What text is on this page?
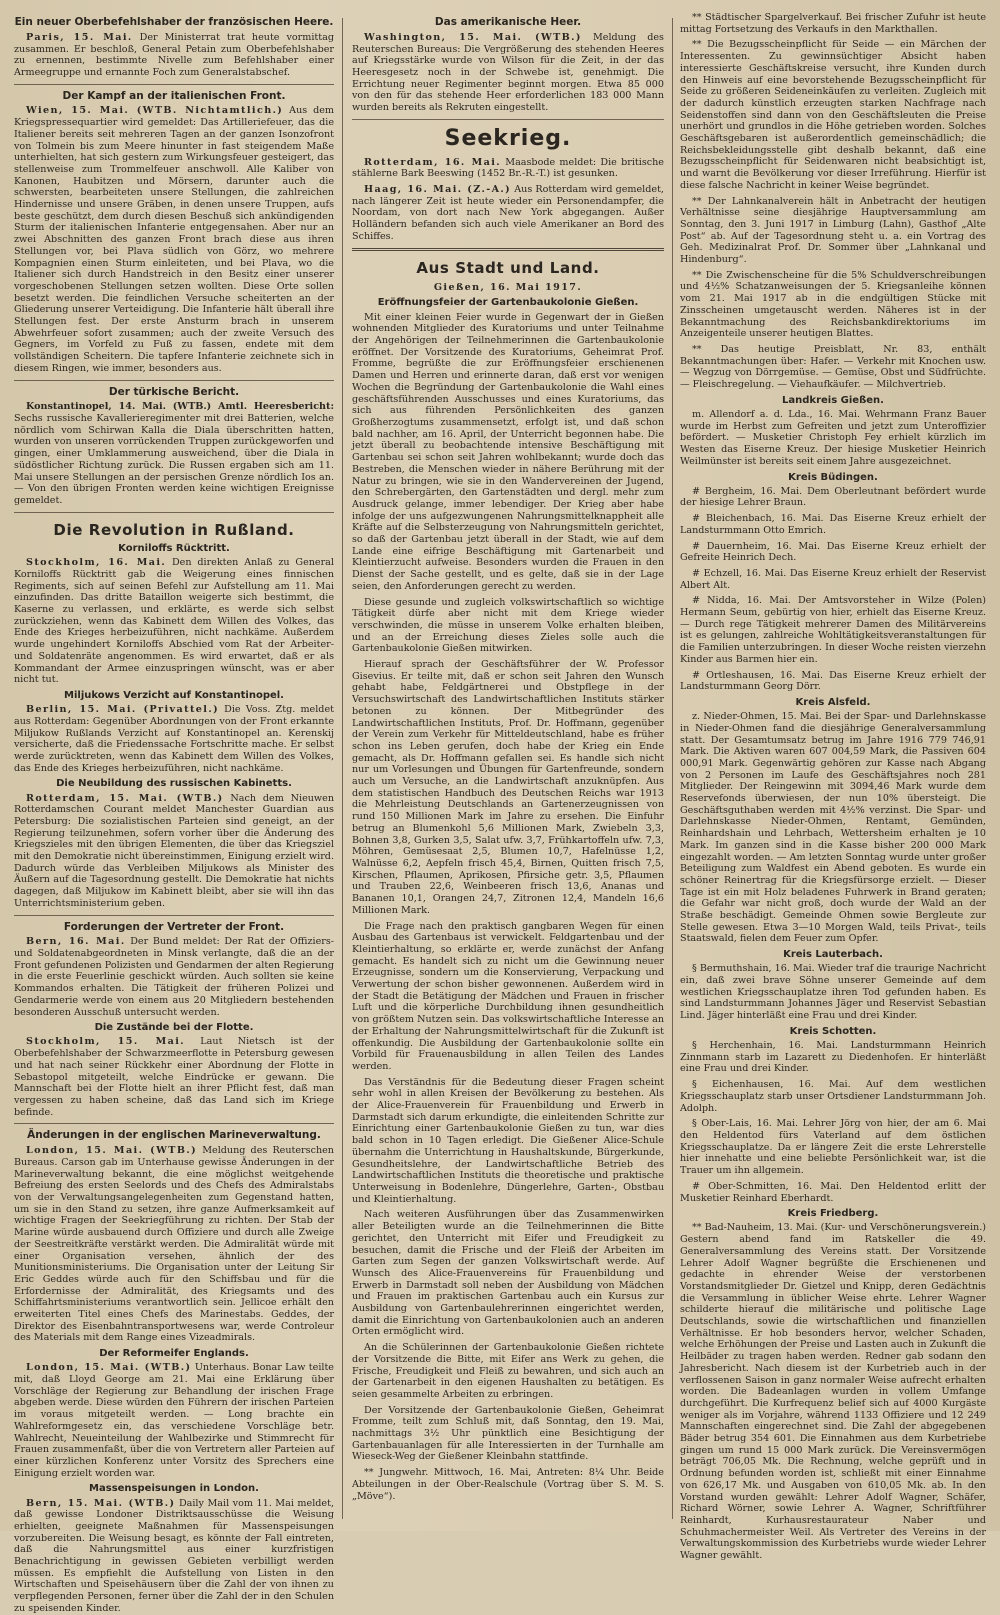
Ein neuer Oberbefehlshaber der französischen Heere.

Paris, 15. Mai. Der Ministerrat trat heute vormittag zusammen. Er beschloß, General Petain zum Oberbefehlshaber zu ernennen, bestimmte Nivelle zum Befehlshaber einer Armeegruppe und ernannte Foch zum Generalstabschef.

Der Kampf an der italienischen Front.

Wien, 15. Mai. (WTB. Nichtamtlich.) Aus dem Kriegspressequartier wird gemeldet: Das Artilleriefeuer, das die Italiener bereits seit mehreren Tagen an der ganzen Isonzofront von Tolmein bis zum Meere hinunter in fast steigendem Maße unterhielten, hat sich gestern zum Wirkungsfeuer gesteigert, das stellenweise zum Trommelfeuer anschwoll. Alle Kaliber von Kanonen, Haubitzen und Mörsern, darunter auch die schwersten, bearbeiteten unsere Stellungen, die zahlreichen Hindernisse und unsere Gräben, in denen unsere Truppen, aufs beste geschützt, dem durch diesen Beschuß sich ankündigenden Sturm der italienischen Infanterie entgegensahen. Aber nur an zwei Abschnitten des ganzen Front brach diese aus ihren Stellungen vor, bei Plava südlich von Görz, wo mehrere Kompagnien einen Sturm einleiteten, und bei Plava, wo die Italiener sich durch Handstreich in den Besitz einer unserer vorgeschobenen Stellungen setzen wollten. Diese Orte sollen besetzt werden. Die feindlichen Versuche scheiterten an der Gliederung unserer Verteidigung. Die Infanterie hält überall ihre Stellungen fest. Der erste Ansturm brach in unserem Abwehrfeuer sofort zusammen; auch der zweite Versuch des Gegners, im Vorfeld zu Fuß zu fassen, endete mit dem vollständigen Scheitern. Die tapfere Infanterie zeichnete sich in diesem Ringen, wie immer, besonders aus.

Der türkische Bericht.

Konstantinopel, 14. Mai. (WTB.) Amtl. Heeresbericht: Sechs russische Kavallerieregimenter mit drei Batterien, welche nördlich vom Schirwan Kalla die Diala überschritten hatten, wurden von unseren vorrückenden Truppen zurückgeworfen und gingen, einer Umklammerung ausweichend, über die Diala in südöstlicher Richtung zurück. Die Russen ergaben sich am 11. Mai unsere Stellungen an der persischen Grenze nördlich Ios an. — Von den übrigen Fronten werden keine wichtigen Ereignisse gemeldet.

Die Revolution in Rußland.
Korniloffs Rücktritt.

Stockholm, 16. Mai. Den direkten Anlaß zu General Korniloffs Rücktritt gab die Weigerung eines finnischen Regiments, sich auf seinen Befehl zur Aufstellung am 11. Mai einzufinden. Das dritte Bataillon weigerte sich bestimmt, die Kaserne zu verlassen, und erklärte, es werde sich selbst zurückziehen, wenn das Kabinett dem Willen des Volkes, das Ende des Krieges herbeizuführen, nicht nachkäme. Außerdem wurde ungehindert Korniloffs Abschied vom Rat der Arbeiter- und Soldatenräte angenommen. Es wird erwartet, daß er als Kommandant der Armee einzuspringen wünscht, was er aber nicht tut.

Miljukows Verzicht auf Konstantinopel.

Berlin, 15. Mai. (Privattel.) Die Voss. Ztg. meldet aus Rotterdam: Gegenüber Abordnungen von der Front erkannte Miljukow Rußlands Verzicht auf Konstantinopel an. Kerenskij versicherte, daß die Friedenssache Fortschritte mache. Er selbst werde zurücktreten, wenn das Kabinett dem Willen des Volkes, das Ende des Krieges herbeizuführen, nicht nachkäme.

Die Neubildung des russischen Kabinetts.

Rotterdam, 15. Mai. (WTB.) Nach dem Nieuwen Rotterdamschen Courant meldet Manchester Guardian aus Petersburg: Die sozialistischen Parteien sind geneigt, an der Regierung teilzunehmen, sofern vorher über die Änderung des Kriegszieles mit den übrigen Elementen, die über das Kriegsziel mit den Demokratie nicht übereinstimmen, Einigung erzielt wird. Dadurch würde das Verbleiben Miljukows als Minister des Äußern auf die Tagesordnung gestellt. Die Demokratie hat nichts dagegen, daß Miljukow im Kabinett bleibt, aber sie will ihn das Unterrichtsministerium geben.

Forderungen der Vertreter der Front.

Bern, 16. Mai. Der Bund meldet: Der Rat der Offiziers- und Soldatenabgeordneten in Minsk verlangte, daß die an der Front gefundenen Polizisten und Gendarmen der alten Regierung in die erste Feuerlinie geschickt würden. Auch sollten sie keine Kommandos erhalten. Die Tätigkeit der früheren Polizei und Gendarmerie werde von einem aus 20 Mitgliedern bestehenden besonderen Ausschuß untersucht werden.

Die Zustände bei der Flotte.

Stockholm, 15. Mai. Laut Nietsch ist der Oberbefehlshaber der Schwarzmeerflotte in Petersburg gewesen und hat nach seiner Rückkehr einer Abordnung der Flotte in Sebastopol mitgeteilt, welche Eindrücke er gewann. Die Mannschaft bei der Flotte hielt an ihrer Pflicht fest, daß man vergessen zu haben scheine, daß das Land sich im Kriege befinde.

Änderungen in der englischen Marineverwaltung.

London, 15. Mai. (WTB.) Meldung des Reuterschen Bureaus. Carson gab im Unterhause gewisse Änderungen in der Marineverwaltung bekannt, die eine möglichst weitgehende Befreiung des ersten Seelords und des Chefs des Admiralstabs von der Verwaltungsangelegenheiten zum Gegenstand hatten, um sie in den Stand zu setzen, ihre ganze Aufmerksamkeit auf wichtige Fragen der Seekriegführung zu richten. Der Stab der Marine würde ausbauend durch Offiziere und durch alle Zweige der Seestreitkräfte verstärkt werden. Die Admiralität würde mit einer Organisation versehen, ähnlich der des Munitionsministeriums. Die Organisation unter der Leitung Sir Eric Geddes würde auch für den Schiffsbau und für die Erfordernisse der Admiralität, des Kriegsamts und des Schiffahrtsministeriums verantwortlich sein. Jellicoe erhält den erweiterten Titel eines Chefs des Marinestabs. Geddes, der Direktor des Eisenbahntransportwesens war, werde Controleur des Materials mit dem Range eines Vizeadmirals.

Der Reformeifer Englands.

London, 15. Mai. (WTB.) Unterhaus. Bonar Law teilte mit, daß Lloyd George am 21. Mai eine Erklärung über Vorschläge der Regierung zur Behandlung der irischen Frage abgeben werde. Diese würden den Führern der irischen Parteien im voraus mitgeteilt werden. — Long brachte ein Wahlreformgesetz ein, das verschiedene Vorschläge betr. Wahlrecht, Neueinteilung der Wahlbezirke und Stimmrecht für Frauen zusammenfaßt, über die von Vertretern aller Parteien auf einer kürzlichen Konferenz unter Vorsitz des Sprechers eine Einigung erzielt worden war.

Massenspeisungen in London.

Bern, 15. Mai. (WTB.) Daily Mail vom 11. Mai meldet, daß gewisse Londoner Distriktsausschüsse die Weisung erhielten, geeignete Maßnahmen für Massenspeisungen vorzubereiten. Die Weisung besagt, es könnte der Fall eintreten, daß die Nahrungsmittel aus einer kurzfristigen Benachrichtigung in gewissen Gebieten verbilligt werden müssen. Es empfiehlt die Aufstellung von Listen in den Wirtschaften und Speisehäusern über die Zahl der von ihnen zu verpflegenden Personen, ferner über die Zahl der in den Schulen zu speisenden Kinder.

Das amerikanische Heer.

Washington, 15. Mai. (WTB.) Meldung des Reuterschen Bureaus: Die Vergrößerung des stehenden Heeres auf Kriegsstärke wurde von Wilson für die Zeit, in der das Heeresgesetz noch in der Schwebe ist, genehmigt. Die Errichtung neuer Regimenter beginnt morgen. Etwa 85 000 von den für das stehende Heer erforderlichen 183 000 Mann wurden bereits als Rekruten eingestellt.

Seekrieg.

Rotterdam, 16. Mai. Maasbode meldet: Die britische stählerne Bark Beeswing (1452 Br.-R.-T.) ist gesunken.

Haag, 16. Mai. (Z.-A.) Aus Rotterdam wird gemeldet, nach längerer Zeit ist heute wieder ein Personendampfer, die Noordam, von dort nach New York abgegangen. Außer Holländern befanden sich auch viele Amerikaner an Bord des Schiffes.

Aus Stadt und Land.

Gießen, 16. Mai 1917.

Eröffnungsfeier der Gartenbaukolonie Gießen.

Mit einer kleinen Feier wurde in Gegenwart der in Gießen wohnenden Mitglieder des Kuratoriums und unter Teilnahme der Angehörigen der Teilnehmerinnen die Gartenbaukolonie eröffnet. Der Vorsitzende des Kuratoriums, Geheimrat Prof. Fromme, begrüßte die zur Eröffnungsfeier erschienenen Damen und Herren und erinnerte daran, daß erst vor wenigen Wochen die Begründung der Gartenbaukolonie die Wahl eines geschäftsführenden Ausschusses und eines Kuratoriums, das sich aus führenden Persönlichkeiten des ganzen Großherzogtums zusammensetzt, erfolgt ist, und daß schon bald nachher, am 16. April, der Unterricht begonnen habe. Die jetzt überall zu beobachtende intensive Beschäftigung mit Gartenbau sei schon seit Jahren wohlbekannt; wurde doch das Bestreben, die Menschen wieder in nähere Berührung mit der Natur zu bringen, wie sie in den Wandervereinen der Jugend, den Schrebergärten, den Gartenstädten und dergl. mehr zum Ausdruck gelange, immer lebendiger. Der Krieg aber habe infolge der uns aufgezwungenen Nahrungsmittelknappheit alle Kräfte auf die Selbsterzeugung von Nahrungsmitteln gerichtet, so daß der Gartenbau jetzt überall in der Stadt, wie auf dem Lande eine eifrige Beschäftigung mit Gartenarbeit und Kleintierzucht aufweise. Besonders wurden die Frauen in den Dienst der Sache gestellt, und es gelte, daß sie in der Lage seien, den Anforderungen gerecht zu werden.

Diese gesunde und zugleich volkswirtschaftlich so wichtige Tätigkeit dürfe aber nicht mit dem Kriege wieder verschwinden, die müsse in unserem Volke erhalten bleiben, und an der Erreichung dieses Zieles solle auch die Gartenbaukolonie Gießen mitwirken.

Hierauf sprach der Geschäftsführer der W. Professor Gisevius. Er teilte mit, daß er schon seit Jahren den Wunsch gehabt habe, Feldgärtnerei und Obstpflege in der Versuchswirtschaft des Landwirtschaftlichen Instituts stärker betonen zu können. Der Mitbegründer des Landwirtschaftlichen Instituts, Prof. Dr. Hoffmann, gegenüber der Verein zum Verkehr für Mitteldeutschland, habe es früher schon ins Leben gerufen, doch habe der Krieg ein Ende gemacht, als Dr. Hoffmann gefallen sei. Es handle sich nicht nur um Vorlesungen und Übungen für Gartenfreunde, sondern auch um Versuche, an die Landwirtschaft anzuknüpfen. Aus dem statistischen Handbuch des Deutschen Reichs war 1913 die Mehrleistung Deutschlands an Gartenerzeugnissen von rund 150 Millionen Mark im Jahre zu ersehen. Die Einfuhr betrug an Blumenkohl 5,6 Millionen Mark, Zwiebeln 3,3, Bohnen 3,8, Gurken 3,5, Salat ufw. 3,7, Frühkartoffeln ufw. 7,3, Möhren, Gemüsesaat 2,5, Blumen 10,7, Hafelnüsse 1,2, Walnüsse 6,2, Aepfeln frisch 45,4, Birnen, Quitten frisch 7,5, Kirschen, Pflaumen, Aprikosen, Pfirsiche getr. 3,5, Pflaumen und Trauben 22,6, Weinbeeren frisch 13,6, Ananas und Bananen 10,1, Orangen 24,7, Zitronen 12,4, Mandeln 16,6 Millionen Mark.

Die Frage nach den praktisch gangbaren Wegen für einen Ausbau des Gartenbaus ist verwickelt. Feldgartenbau und der Kleintierhaltung, so erklärte er, werde zunächst der Anfang gemacht. Es handelt sich zu nicht um die Gewinnung neuer Erzeugnisse, sondern um die Konservierung, Verpackung und Verwertung der schon bisher gewonnenen. Außerdem wird in der Stadt die Betätigung der Mädchen und Frauen in frischer Luft und die körperliche Durchbildung ihnen gesundheitlich von größtem Nutzen sein. Das volkswirtschaftliche Interesse an der Erhaltung der Nahrungsmittelwirtschaft für die Zukunft ist offenkundig. Die Ausbildung der Gartenbaukolonie sollte ein Vorbild für Frauenausbildung in allen Teilen des Landes werden.

Das Verständnis für die Bedeutung dieser Fragen scheint sehr wohl in allen Kreisen der Bevölkerung zu bestehen. Als der Alice-Frauenverein für Frauenbildung und Erwerb in Darmstadt sich darum erkundigte, die einleitenden Schritte zur Einrichtung einer Gartenbaukolonie Gießen zu tun, war dies bald schon in 10 Tagen erledigt. Die Gießener Alice-Schule übernahm die Unterrichtung in Haushaltskunde, Bürgerkunde, Gesundheitslehre, der Landwirtschaftliche Betrieb des Landwirtschaftlichen Instituts die theoretische und praktische Unterweisung in Bodenlehre, Düngerlehre, Garten-, Obstbau und Kleintierhaltung.

Nach weiteren Ausführungen über das Zusammenwirken aller Beteiligten wurde an die Teilnehmerinnen die Bitte gerichtet, den Unterricht mit Eifer und Freudigkeit zu besuchen, damit die Frische und der Fleiß der Arbeiten im Garten zum Segen der ganzen Volkswirtschaft werde. Auf Wunsch des Alice-Frauenvereins für Frauenbildung und Erwerb in Darmstadt soll neben der Ausbildung von Mädchen und Frauen im praktischen Gartenbau auch ein Kursus zur Ausbildung von Gartenbaulehrerinnen eingerichtet werden, damit die Einrichtung von Gartenbaukolonien auch an anderen Orten ermöglicht wird.

An die Schülerinnen der Gartenbaukolonie Gießen richtete der Vorsitzende die Bitte, mit Eifer ans Werk zu gehen, die Frische, Freudigkeit und Fleiß zu bewahren, und sich auch an der Gartenarbeit in den eigenen Haushalten zu betätigen. Es seien gesammelte Arbeiten zu erbringen.

Der Vorsitzende der Gartenbaukolonie Gießen, Geheimrat Fromme, teilt zum Schluß mit, daß Sonntag, den 19. Mai, nachmittags 3½ Uhr pünktlich eine Besichtigung der Gartenbauanlagen für alle Interessierten in der Turnhalle am Wieseck-Weg der Gießener Kleinbahn stattfinde.

** Jungwehr. Mittwoch, 16. Mai, Antreten: 8¼ Uhr. Beide Abteilungen in der Ober-Realschule (Vortrag über S. M. S. „Möve“).

** Städtischer Spargelverkauf. Bei frischer Zufuhr ist heute mittag Fortsetzung des Verkaufs in den Markthallen.

** Die Bezugsscheinpflicht für Seide — ein Märchen der Interessenten. Zu gewinnsüchtiger Absicht haben interessierte Geschäftskreise versucht, ihre Kunden durch den Hinweis auf eine bevorstehende Bezugsscheinpflicht für Seide zu größeren Seideneinkäufen zu verleiten. Zugleich mit der dadurch künstlich erzeugten starken Nachfrage nach Seidenstoffen sind dann von den Geschäftsleuten die Preise unerhört und grundlos in die Höhe getrieben worden. Solches Geschäftsgebaren ist außerordentlich gemeinschädlich; die Reichsbekleidungsstelle gibt deshalb bekannt, daß eine Bezugsscheinpflicht für Seidenwaren nicht beabsichtigt ist, und warnt die Bevölkerung vor dieser Irreführung. Hierfür ist diese falsche Nachricht in keiner Weise begründet.

** Der Lahnkanalverein hält in Anbetracht der heutigen Verhältnisse seine diesjährige Hauptversammlung am Sonntag, den 3. Juni 1917 in Limburg (Lahn), Gasthof „Alte Post“ ab. Auf der Tagesordnung steht u. a. ein Vortrag des Geh. Medizinalrat Prof. Dr. Sommer über „Lahnkanal und Hindenburg“.

** Die Zwischenscheine für die 5% Schuldverschreibungen und 4½% Schatzanweisungen der 5. Kriegsanleihe können vom 21. Mai 1917 ab in die endgültigen Stücke mit Zinsscheinen umgetauscht werden. Näheres ist in der Bekanntmachung des Reichsbankdirektoriums im Anzeigenteile unserer heutigen Blattes.

** Das heutige Preisblatt, Nr. 83, enthält Bekanntmachungen über: Hafer. — Verkehr mit Knochen usw. — Wegzug von Dörrgemüse. — Gemüse, Obst und Südfrüchte. — Fleischregelung. — Viehaufkäufer. — Milchvertrieb.

Landkreis Gießen.

m. Allendorf a. d. Lda., 16. Mai. Wehrmann Franz Bauer wurde im Herbst zum Gefreiten und jetzt zum Unteroffizier befördert. — Musketier Christoph Fey erhielt kürzlich im Westen das Eiserne Kreuz. Der hiesige Musketier Heinrich Weilmünster ist bereits seit einem Jahre ausgezeichnet.

Kreis Büdingen.

# Bergheim, 16. Mai. Dem Oberleutnant befördert wurde der hiesige Lehrer Braun.

# Bleichenbach, 16. Mai. Das Eiserne Kreuz erhielt der Landsturmmann Otto Emrich.

# Dauernheim, 16. Mai. Das Eiserne Kreuz erhielt der Gefreite Heinrich Dech.

# Echzell, 16. Mai. Das Eiserne Kreuz erhielt der Reservist Albert Alt.

# Nidda, 16. Mai. Der Amtsvorsteher in Wilze (Polen) Hermann Seum, gebürtig von hier, erhielt das Eiserne Kreuz. — Durch rege Tätigkeit mehrerer Damen des Militärvereins ist es gelungen, zahlreiche Wohltätigkeitsveranstaltungen für die Familien unterzubringen. In dieser Woche reisten vierzehn Kinder aus Barmen hier ein.

# Ortleshausen, 16. Mai. Das Eiserne Kreuz erhielt der Landsturmmann Georg Dörr.

Kreis Alsfeld.

z. Nieder-Ohmen, 15. Mai. Bei der Spar- und Darlehnskasse in Nieder-Ohmen fand die diesjährige Generalversammlung statt. Der Gesamtumsatz betrug im Jahre 1916 779 746,91 Mark. Die Aktiven waren 607 004,59 Mark, die Passiven 604 000,91 Mark. Gegenwärtig gehören zur Kasse nach Abgang von 2 Personen im Laufe des Geschäftsjahres noch 281 Mitglieder. Der Reingewinn mit 3094,46 Mark wurde dem Reservefonds überwiesen, der nun 10% übersteigt. Die Geschäftsguthaben werden mit 4½% verzinst. Die Spar- und Darlehnskasse Nieder-Ohmen, Rentamt, Gemünden, Reinhardshain und Lehrbach, Wettersheim erhalten je 10 Mark. Im ganzen sind in die Kasse bisher 200 000 Mark eingezahlt worden. — Am letzten Sonntag wurde unter großer Beteiligung zum Waldfest ein Abend geboten. Es wurde ein schöner Reinertrag für die Kriegsfürsorge erzielt. — Dieser Tage ist ein mit Holz beladenes Fuhrwerk in Brand geraten; die Gefahr war nicht groß, doch wurde der Wald an der Straße beschädigt. Gemeinde Ohmen sowie Bergleute zur Stelle gewesen. Etwa 3—10 Morgen Wald, teils Privat-, teils Staatswald, fielen dem Feuer zum Opfer.

Kreis Lauterbach.

§ Bermuthshain, 16. Mai. Wieder traf die traurige Nachricht ein, daß zwei brave Söhne unserer Gemeinde auf dem westlichen Kriegsschauplatze ihren Tod gefunden haben. Es sind Landsturmmann Johannes Jäger und Reservist Sebastian Lind. Jäger hinterläßt eine Frau und drei Kinder.

Kreis Schotten.

§ Herchenhain, 16. Mai. Landsturmmann Heinrich Zinnmann starb im Lazarett zu Diedenhofen. Er hinterläßt eine Frau und drei Kinder.

§ Eichenhausen, 16. Mai. Auf dem westlichen Kriegsschauplatz starb unser Ortsdiener Landsturmmann Joh. Adolph.

§ Ober-Lais, 16. Mai. Lehrer Jörg von hier, der am 6. Mai den Heldentod fürs Vaterland auf dem östlichen Kriegsschauplatze. Da er längere Zeit die erste Lehrerstelle hier innehatte und eine beliebte Persönlichkeit war, ist die Trauer um ihn allgemein.

# Ober-Schmitten, 16. Mai. Den Heldentod erlitt der Musketier Reinhard Eberhardt.

Kreis Friedberg.

** Bad-Nauheim, 13. Mai. (Kur- und Verschönerungsverein.) Gestern abend fand im Ratskeller die 49. Generalversammlung des Vereins statt. Der Vorsitzende Lehrer Adolf Wagner begrüßte die Erschienenen und gedachte in ehrender Weise der verstorbenen Vorstandsmitglieder Dr. Gietzel und Knipp, deren Gedächtnis die Versammlung in üblicher Weise ehrte. Lehrer Wagner schilderte hierauf die militärische und politische Lage Deutschlands, sowie die wirtschaftlichen und finanziellen Verhältnisse. Er hob besonders hervor, welcher Schaden, welche Erhöhungen der Preise und Lasten auch in Zukunft die Heilbäder zu tragen haben werden. Redner gab sodann den Jahresbericht. Nach diesem ist der Kurbetrieb auch in der verflossenen Saison in ganz normaler Weise aufrecht erhalten worden. Die Badeanlagen wurden in vollem Umfange durchgeführt. Die Kurfrequenz belief sich auf 4000 Kurgäste weniger als im Vorjahre, während 1133 Offiziere und 12 249 Mannschaften eingerechnet sind. Die Zahl der abgegebenen Bäder betrug 354 601. Die Einnahmen aus dem Kurbetriebe gingen um rund 15 000 Mark zurück. Die Vereinsvermögen beträgt 706,05 Mk. Die Rechnung, welche geprüft und in Ordnung befunden worden ist, schließt mit einer Einnahme von 626,17 Mk. und Ausgaben von 610,05 Mk. ab. In den Vorstand wurden gewählt: Lehrer Adolf Wagner, Schäfer, Richard Wörner, sowie Lehrer A. Wagner, Schriftführer Reinhardt, Kurhausrestaurateur Naber und Schuhmachermeister Weil. Als Vertreter des Vereins in der Verwaltungskommission des Kurbetriebs wurde wieder Lehrer Wagner gewählt.
